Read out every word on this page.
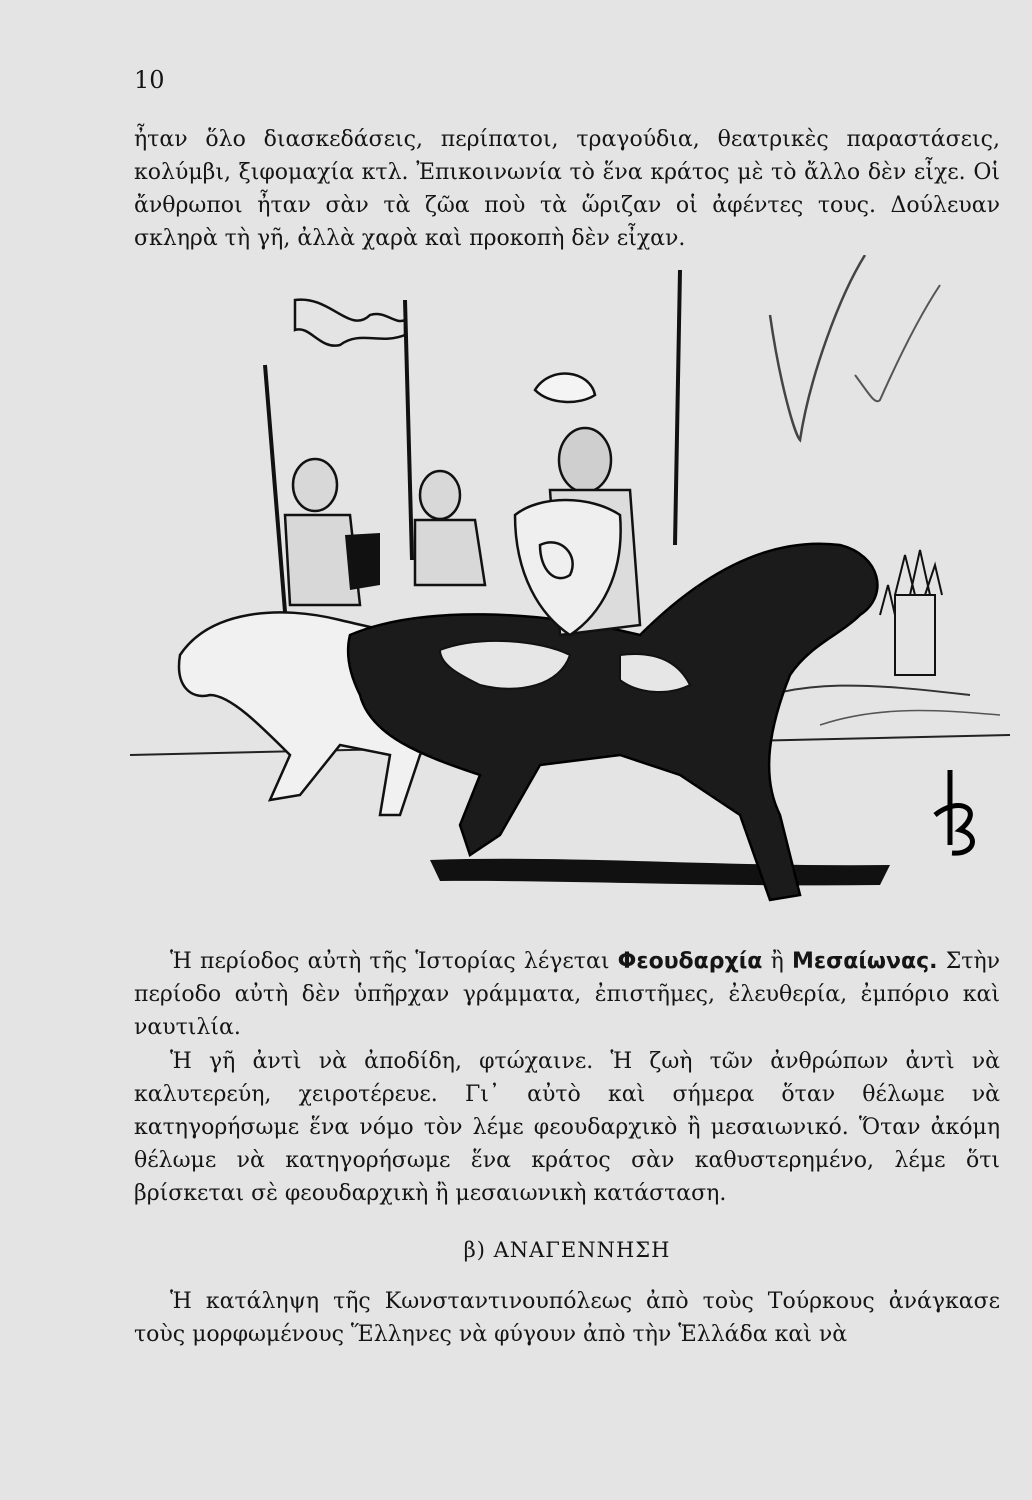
10

ἦταν ὅλο διασκεδάσεις, περίπατοι, τραγούδια, θεατρικὲς παραστάσεις, κολύμβι, ξιφομαχία κτλ. Ἐπικοινωνία τὸ ἕνα κράτος μὲ τὸ ἄλλο δὲν εἶχε. Οἱ ἄνθρωποι ἦταν σὰν τὰ ζῶα ποὺ τὰ ὥριζαν οἱ ἀφέντες τους. Δούλευαν σκληρὰ τὴ γῆ, ἀλλὰ χαρὰ καὶ προκοπὴ δὲν εἶχαν.

Ἡ περίοδος αὐτὴ τῆς Ἱστορίας λέγεται Φεουδαρχία ἢ Μεσαίωνας. Στὴν περίοδο αὐτὴ δὲν ὑπῆρχαν γράμματα, ἐπιστῆμες, ἐλευθερία, ἐμπόριο καὶ ναυτιλία.

Ἡ γῆ ἀντὶ νὰ ἀποδίδη, φτώχαινε. Ἡ ζωὴ τῶν ἀνθρώπων ἀντὶ νὰ καλυτερεύη, χειροτέρευε. Γι᾽ αὐτὸ καὶ σήμερα ὅταν θέλωμε νὰ κατηγορήσωμε ἕνα νόμο τὸν λέμε φεουδαρχικὸ ἢ μεσαιωνικό. Ὅταν ἀκόμη θέλωμε νὰ κατηγορήσωμε ἕνα κράτος σὰν καθυστερημένο, λέμε ὅτι βρίσκεται σὲ φεουδαρχικὴ ἢ μεσαιωνικὴ κατάσταση.

β) ΑΝΑΓΕΝΝΗΣΗ

Ἡ κατάληψη τῆς Κωνσταντινουπόλεως ἀπὸ τοὺς Τούρκους ἀνάγκασε τοὺς μορφωμένους Ἕλληνες νὰ φύγουν ἀπὸ τὴν Ἑλλάδα καὶ νὰ
